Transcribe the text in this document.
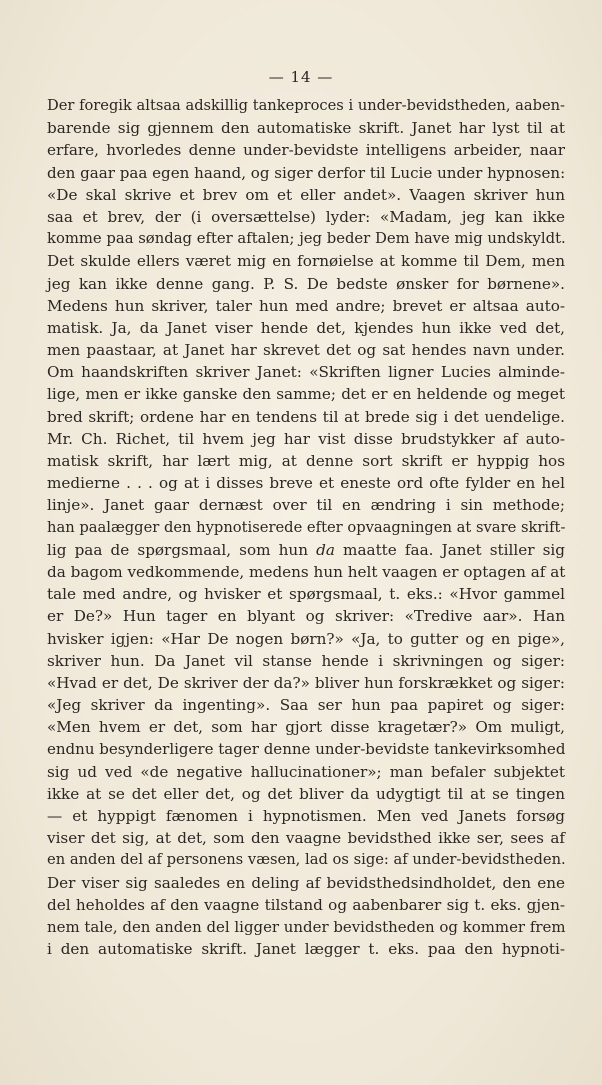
— 14 —
Der foregik altsaa adskillig tankeproces i under-bevidstheden, aaben-
barende sig gjennem den automatiske skrift. Janet har lyst til at
erfare, hvorledes denne under-bevidste intelligens arbeider, naar
den gaar paa egen haand, og siger derfor til Lucie under hypnosen:
«De skal skrive et brev om et eller andet». Vaagen skriver hun
saa et brev, der (i oversættelse) lyder: «Madam, jeg kan ikke
komme paa søndag efter aftalen; jeg beder Dem have mig undskyldt.
Det skulde ellers været mig en fornøielse at komme til Dem, men
jeg kan ikke denne gang. P. S. De bedste ønsker for børnene».
Medens hun skriver, taler hun med andre; brevet er altsaa auto-
matisk. Ja, da Janet viser hende det, kjendes hun ikke ved det,
men paastaar, at Janet har skrevet det og sat hendes navn under.
Om haandskriften skriver Janet: «Skriften ligner Lucies alminde-
lige, men er ikke ganske den samme; det er en heldende og meget
bred skrift; ordene har en tendens til at brede sig i det uendelige.
Mr. Ch. Richet, til hvem jeg har vist disse brudstykker af auto-
matisk skrift, har lært mig, at denne sort skrift er hyppig hos
medierne . . . og at i disses breve et eneste ord ofte fylder en hel
linje». Janet gaar dernæst over til en ændring i sin methode;
han paalægger den hypnotiserede efter opvaagningen at svare skrift-
lig paa de spørgsmaal, som hun da maatte faa. Janet stiller sig
da bagom vedkommende, medens hun helt vaagen er optagen af at
tale med andre, og hvisker et spørgsmaal, t. eks.: «Hvor gammel
er De?» Hun tager en blyant og skriver: «Tredive aar». Han
hvisker igjen: «Har De nogen børn?» «Ja, to gutter og en pige»,
skriver hun. Da Janet vil stanse hende i skrivningen og siger:
«Hvad er det, De skriver der da?» bliver hun forskrækket og siger:
«Jeg skriver da ingenting». Saa ser hun paa papiret og siger:
«Men hvem er det, som har gjort disse kragetær?» Om muligt,
endnu besynderligere tager denne under-bevidste tankevirksomhed
sig ud ved «de negative hallucinationer»; man befaler subjektet
ikke at se det eller det, og det bliver da udygtigt til at se tingen
— et hyppigt fænomen i hypnotismen. Men ved Janets forsøg
viser det sig, at det, som den vaagne bevidsthed ikke ser, sees af
en anden del af personens væsen, lad os sige: af under-bevidstheden.
Der viser sig saaledes en deling af bevidsthedsindholdet, den ene
del heholdes af den vaagne tilstand og aabenbarer sig t. eks. gjen-
nem tale, den anden del ligger under bevidstheden og kommer frem
i den automatiske skrift. Janet lægger t. eks. paa den hypnoti-
